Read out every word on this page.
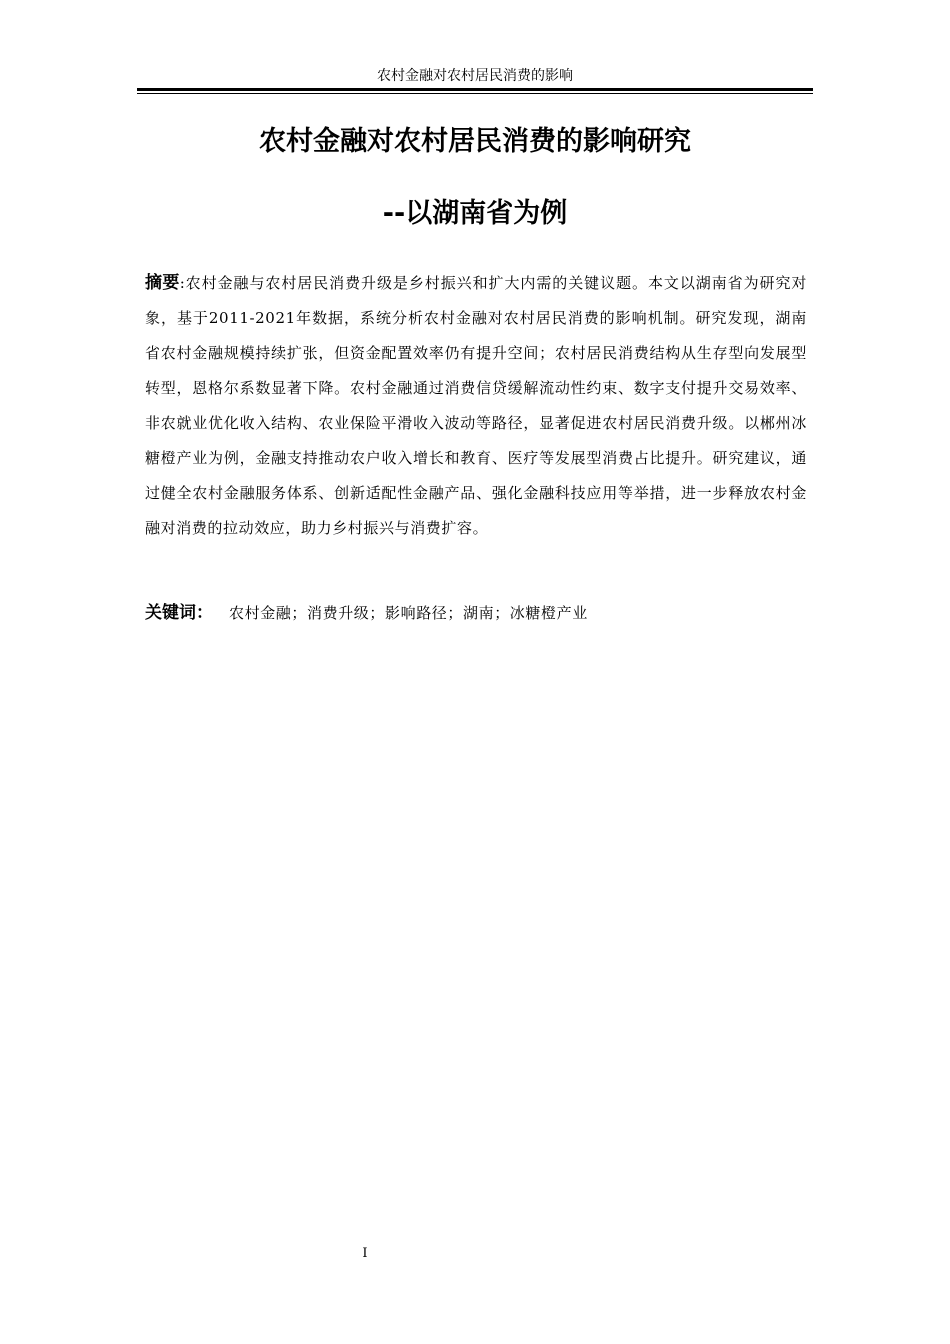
农村金融对农村居民消费的影响
农村金融对农村居民消费的影响研究
--以湖南省为例
摘要:农村金融与农村居民消费升级是乡村振兴和扩大内需的关键议题。本文以湖南省为研究对象，基于2011-2021年数据，系统分析农村金融对农村居民消费的影响机制。研究发现，湖南省农村金融规模持续扩张，但资金配置效率仍有提升空间；农村居民消费结构从生存型向发展型转型，恩格尔系数显著下降。农村金融通过消费信贷缓解流动性约束、数字支付提升交易效率、非农就业优化收入结构、农业保险平滑收入波动等路径，显著促进农村居民消费升级。以郴州冰糖橙产业为例，金融支持推动农户收入增长和教育、医疗等发展型消费占比提升。研究建议，通过健全农村金融服务体系、创新适配性金融产品、强化金融科技应用等举措，进一步释放农村金融对消费的拉动效应，助力乡村振兴与消费扩容。
关键词： 农村金融；消费升级；影响路径；湖南；冰糖橙产业
I
